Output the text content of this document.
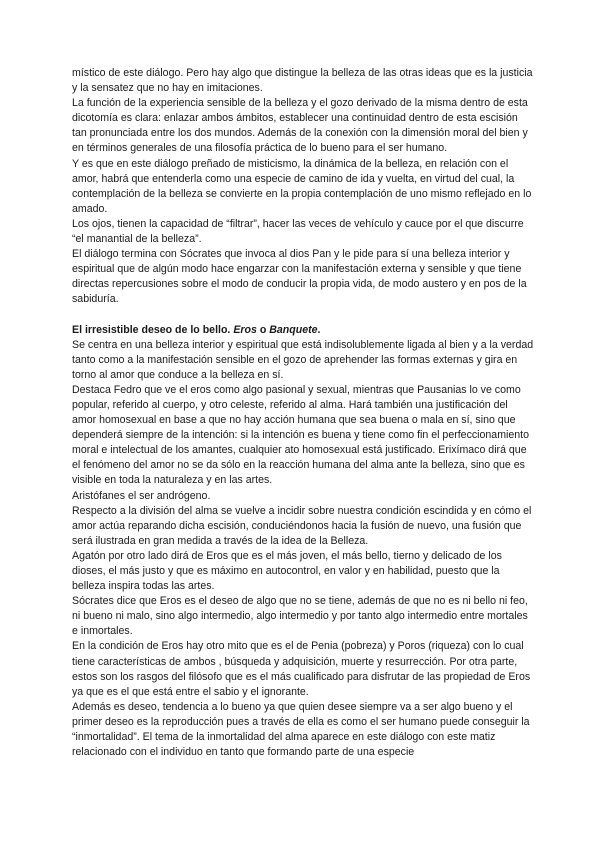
místico de este diálogo. Pero hay algo que distingue la belleza de las otras ideas que es la justicia y la sensatez que no hay en imitaciones.

La función de la experiencia sensible de la belleza y el gozo derivado de la misma dentro de esta dicotomía es clara: enlazar ambos ámbitos, establecer una continuidad dentro de esta escisión tan pronunciada entre los dos mundos. Además de la conexión con la dimensión moral del bien y en términos generales de una filosofía práctica de lo bueno para el ser humano.

Y es que en este diálogo preñado de misticismo, la dinámica de la belleza, en relación con el amor, habrá que entenderla como una especie de camino de ida y vuelta, en virtud del cual, la contemplación de la belleza se convierte en la propia contemplación de uno mismo reflejado en lo amado.

Los ojos, tienen la capacidad de “filtrar”, hacer las veces de vehículo y cauce por el que discurre “el manantial de la belleza”.

El diálogo termina con Sócrates que invoca al dios Pan y le pide para sí una belleza interior y espiritual que de algún modo hace engarzar con la manifestación externa y sensible y que tiene directas repercusiones sobre el modo de conducir la propia vida, de modo austero y en pos de la sabiduría.

El irresistible deseo de lo bello. Eros o Banquete.

Se centra en una belleza interior y espiritual que está indisolublemente ligada al bien y a la verdad tanto como a la manifestación sensible en el gozo de aprehender las formas externas y gira en torno al amor que conduce a la belleza en sí.

Destaca Fedro que ve el eros como algo pasional y sexual, mientras que Pausanias lo ve como popular, referido al cuerpo, y otro celeste, referido al alma. Hará también una justificación del amor homosexual en base a que no hay acción humana que sea buena o mala en sí, sino que dependerá siempre de la intención: si la intención es buena y tiene como fin el perfeccionamiento moral e intelectual de los amantes, cualquier ato homosexual está justificado. Erixímaco dirá que el fenómeno del amor no se da sólo en la reacción humana del alma ante la belleza, sino que es visible en toda la naturaleza y en las artes.

Aristófanes el ser andrógeno.

Respecto a la división del alma se vuelve a incidir sobre nuestra condición escindida y en cómo el amor actúa reparando dicha escisión, conduciéndonos hacia la fusión de nuevo, una fusión que será ilustrada en gran medida a través de la idea de la Belleza.

Agatón por otro lado dirá de Eros que es el más joven, el más bello, tierno y delicado de los dioses, el más justo y que es máximo en autocontrol, en valor y en habilidad, puesto que la belleza inspira todas las artes.

Sócrates dice que Eros es el deseo de algo que no se tiene, además de que no es ni bello ni feo, ni bueno ni malo, sino algo intermedio, algo intermedio y por tanto algo intermedio entre mortales e inmortales.

En la condición de Eros hay otro mito que es el de Penia (pobreza) y Poros (riqueza) con lo cual tiene características de ambos , búsqueda y adquisición, muerte y resurrección. Por otra parte, estos son los rasgos del filósofo que es el más cualificado para disfrutar de las propiedad de Eros ya que es el que está entre el sabio y el ignorante.

Además es deseo, tendencia a lo bueno ya que quien desee siempre va a ser algo bueno y el primer deseo es la reproducción pues a través de ella es como el ser humano puede conseguir la “inmortalidad”. El tema de la inmortalidad del alma aparece en este diálogo con este matiz relacionado con el individuo en tanto que formando parte de una especie
